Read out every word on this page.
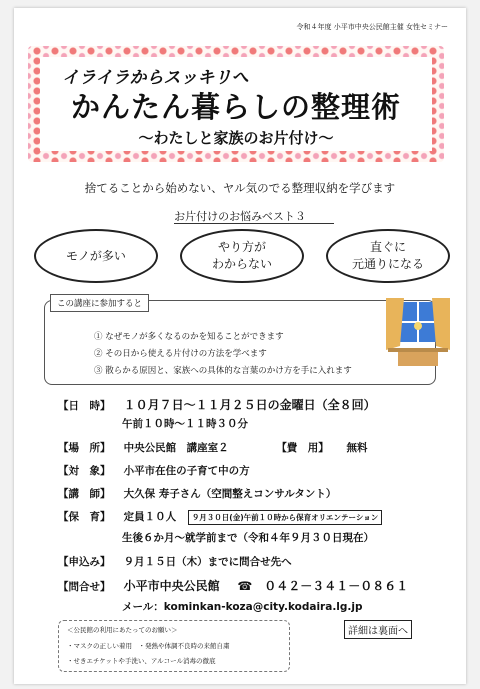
令和４年度 小平市中央公民館主催 女性セミナー
イライラからスッキリへ
かんたん暮らしの整理術
～わたしと家族のお片付け～
捨てることから始めない、ヤル気のでる整理収納を学びます
お片付けのお悩みベスト３
モノが多い
やり方が
わからない
直ぐに
元通りになる
この講座に参加すると
① なぜモノが多くなるのかを知ることができます
② その日から使える片付けの方法を学べます
③ 散らかる原因と、家族への具体的な言葉のかけ方を手に入れます
【日　時】 １０月７日～１１月２５日の金曜日（全８回）
午前１０時～１１時３０分
【場　所】 中央公民館　講座室２	【費　用】 無料
【対　象】 小平市在住の子育て中の方
【講　師】 大久保 寿子さん（空間整えコンサルタント）
【保　育】 定員１０人 ９月３０日(金)午前１０時から保育オリエンテーション
生後６か月～就学前まで（令和４年９月３０日現在）
【申込み】 ９月１５日（木）までに問合せ先へ
【問合せ】 小平市中央公民館 ☎　０４２－３４１－０８６１
メール：kominkan-koza@city.kodaira.lg.jp
＜公民館の利用にあたってのお願い＞
・マスクの正しい着用　・発熱や体調不良時の来館自粛
・せきエチケットや手洗い、アルコール消毒の徹底
詳細は裏面へ
